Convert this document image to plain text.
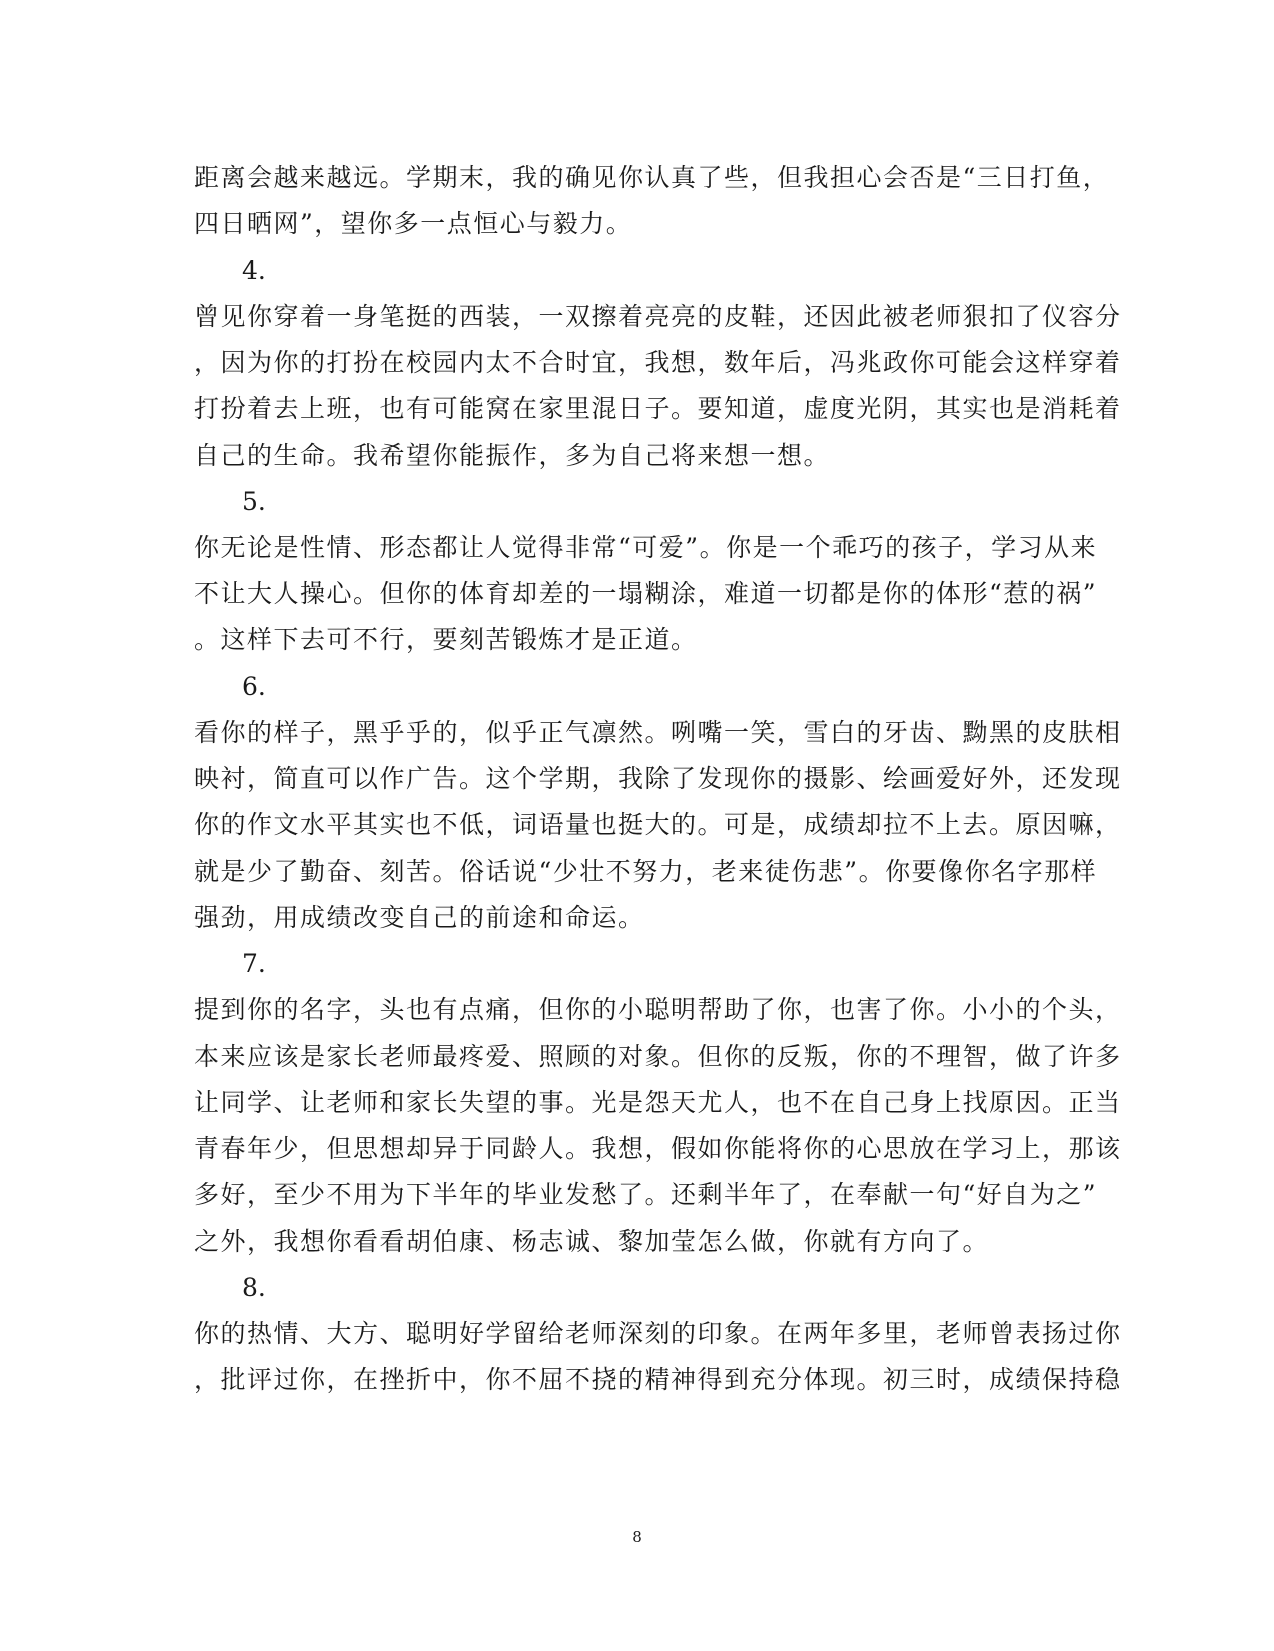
距离会越来越远。学期末，我的确见你认真了些，但我担心会否是“三日打鱼，
四日晒网”，望你多一点恒心与毅力。
4.
曾见你穿着一身笔挺的西装，一双擦着亮亮的皮鞋，还因此被老师狠扣了仪容分
，因为你的打扮在校园内太不合时宜，我想，数年后，冯兆政你可能会这样穿着
打扮着去上班，也有可能窝在家里混日子。要知道，虚度光阴，其实也是消耗着
自己的生命。我希望你能振作，多为自己将来想一想。
5.
你无论是性情、形态都让人觉得非常“可爱”。你是一个乖巧的孩子，学习从来
不让大人操心。但你的体育却差的一塌糊涂，难道一切都是你的体形“惹的祸”
。这样下去可不行，要刻苦锻炼才是正道。
6.
看你的样子，黑乎乎的，似乎正气凛然。咧嘴一笑，雪白的牙齿、黝黑的皮肤相
映衬，简直可以作广告。这个学期，我除了发现你的摄影、绘画爱好外，还发现
你的作文水平其实也不低，词语量也挺大的。可是，成绩却拉不上去。原因嘛，
就是少了勤奋、刻苦。俗话说“少壮不努力，老来徒伤悲”。你要像你名字那样
强劲，用成绩改变自己的前途和命运。
7.
提到你的名字，头也有点痛，但你的小聪明帮助了你，也害了你。小小的个头，
本来应该是家长老师最疼爱、照顾的对象。但你的反叛，你的不理智，做了许多
让同学、让老师和家长失望的事。光是怨天尤人，也不在自己身上找原因。正当
青春年少，但思想却异于同龄人。我想，假如你能将你的心思放在学习上，那该
多好，至少不用为下半年的毕业发愁了。还剩半年了，在奉献一句“好自为之”
之外，我想你看看胡伯康、杨志诚、黎加莹怎么做，你就有方向了。
8.
你的热情、大方、聪明好学留给老师深刻的印象。在两年多里，老师曾表扬过你
，批评过你，在挫折中，你不屈不挠的精神得到充分体现。初三时，成绩保持稳
8
